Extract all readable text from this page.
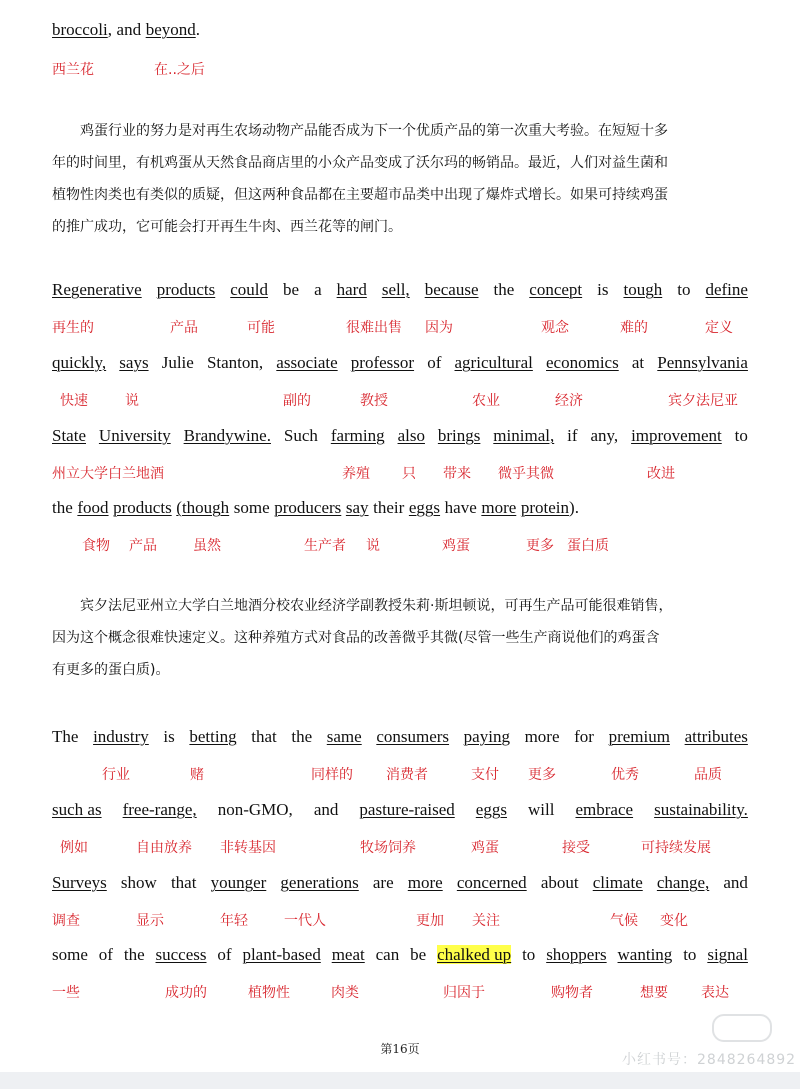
broccoli, and beyond.
西兰花	在..之后
　　鸡蛋行业的努力是对再生农场动物产品能否成为下一个优质产品的第一次重大考验。在短短十多
年的时间里，有机鸡蛋从天然食品商店里的小众产品变成了沃尔玛的畅销品。最近，人们对益生菌和
植物性肉类也有类似的质疑，但这两种食品都在主要超市品类中出现了爆炸式增长。如果可持续鸡蛋
的推广成功，它可能会打开再生牛肉、西兰花等的闸门。
Regenerative products could be a hard sell, because the concept is tough to define
再生的	产品	可能	很难出售 因为	观念	难的	定义
quickly, says Julie Stanton, associate professor of agricultural economics at Pennsylvania
快速	说	副的	教授	农业	经济	宾夕法尼亚
State University Brandywine. Such farming also brings minimal, if any, improvement to
州立大学白兰地酒	养殖 只 带来 微乎其微	改进
the food products (though some producers say their eggs have more protein).
食物 产品	虽然	生产者 说	鸡蛋	更多 蛋白质
　　宾夕法尼亚州立大学白兰地酒分校农业经济学副教授朱莉·斯坦顿说，可再生产品可能很难销售，
因为这个概念很难快速定义。这种养殖方式对食品的改善微乎其微(尽管一些生产商说他们的鸡蛋含
有更多的蛋白质)。
The industry is betting that the same consumers paying more for premium attributes
行业	赌	同样的 消费者	支付 更多	优秀	品质
such as free-range, non-GMO, and pasture-raised eggs will embrace sustainability.
例如	自由放养 非转基因	牧场饲养	鸡蛋	接受	可持续发展
Surveys show that younger generations are more concerned about climate change, and
调查	显示	年轻	一代人	更加 关注	气候 变化
some of the success of plant-based meat can be chalked up to shoppers wanting to signal
一些	成功的	植物性	肉类	归因于	购物者	想要 表达
第16页
小红书号：2848264892
